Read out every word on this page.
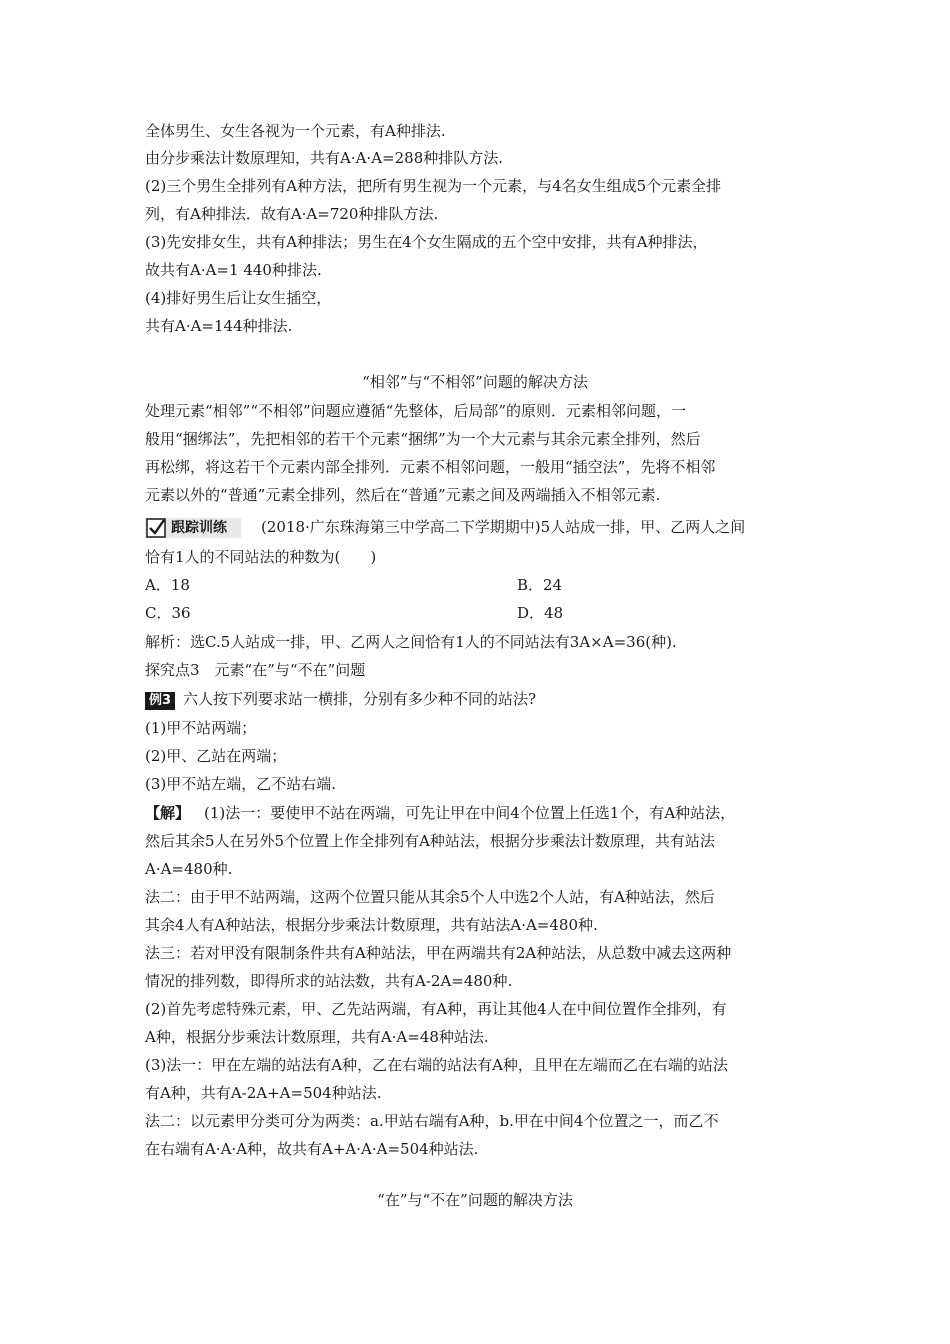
全体男生、女生各视为一个元素，有A种排法.
由分步乘法计数原理知，共有A·A·A=288种排队方法.
(2)三个男生全排列有A种方法，把所有男生视为一个元素，与4名女生组成5个元素全排
列，有A种排法．故有A·A=720种排队方法.
(3)先安排女生，共有A种排法；男生在4个女生隔成的五个空中安排，共有A种排法，
故共有A·A=1 440种排法.
(4)排好男生后让女生插空，
共有A·A=144种排法.
“相邻”与“不相邻”问题的解决方法
处理元素“相邻”“不相邻”问题应遵循“先整体，后局部”的原则．元素相邻问题，一
般用“捆绑法”，先把相邻的若干个元素“捆绑”为一个大元素与其余元素全排列，然后
再松绑，将这若干个元素内部全排列．元素不相邻问题，一般用“插空法”，先将不相邻
元素以外的“普通”元素全排列，然后在“普通”元素之间及两端插入不相邻元素.
跟踪训练 (2018·广东珠海第三中学高二下学期期中)5人站成一排，甲、乙两人之间
恰有1人的不同站法的种数为(　　)
A．18	B．24
C．36	D．48
解析：选C.5人站成一排，甲、乙两人之间恰有1人的不同站法有3A×A=36(种).
探究点3　元素“在”与“不在”问题
例3 六人按下列要求站一横排，分别有多少种不同的站法?
(1)甲不站两端；
(2)甲、乙站在两端；
(3)甲不站左端，乙不站右端.
【解】 (1)法一：要使甲不站在两端，可先让甲在中间4个位置上任选1个，有A种站法，
然后其余5人在另外5个位置上作全排列有A种站法，根据分步乘法计数原理，共有站法
A·A=480种.
法二：由于甲不站两端，这两个位置只能从其余5个人中选2个人站，有A种站法，然后
其余4人有A种站法，根据分步乘法计数原理，共有站法A·A=480种.
法三：若对甲没有限制条件共有A种站法，甲在两端共有2A种站法，从总数中减去这两种
情况的排列数，即得所求的站法数，共有A-2A=480种.
(2)首先考虑特殊元素，甲、乙先站两端，有A种，再让其他4人在中间位置作全排列，有
A种，根据分步乘法计数原理，共有A·A=48种站法.
(3)法一：甲在左端的站法有A种，乙在右端的站法有A种，且甲在左端而乙在右端的站法
有A种，共有A-2A+A=504种站法.
法二：以元素甲分类可分为两类：a.甲站右端有A种，b.甲在中间4个位置之一，而乙不
在右端有A·A·A种，故共有A+A·A·A=504种站法.
“在”与“不在”问题的解决方法
